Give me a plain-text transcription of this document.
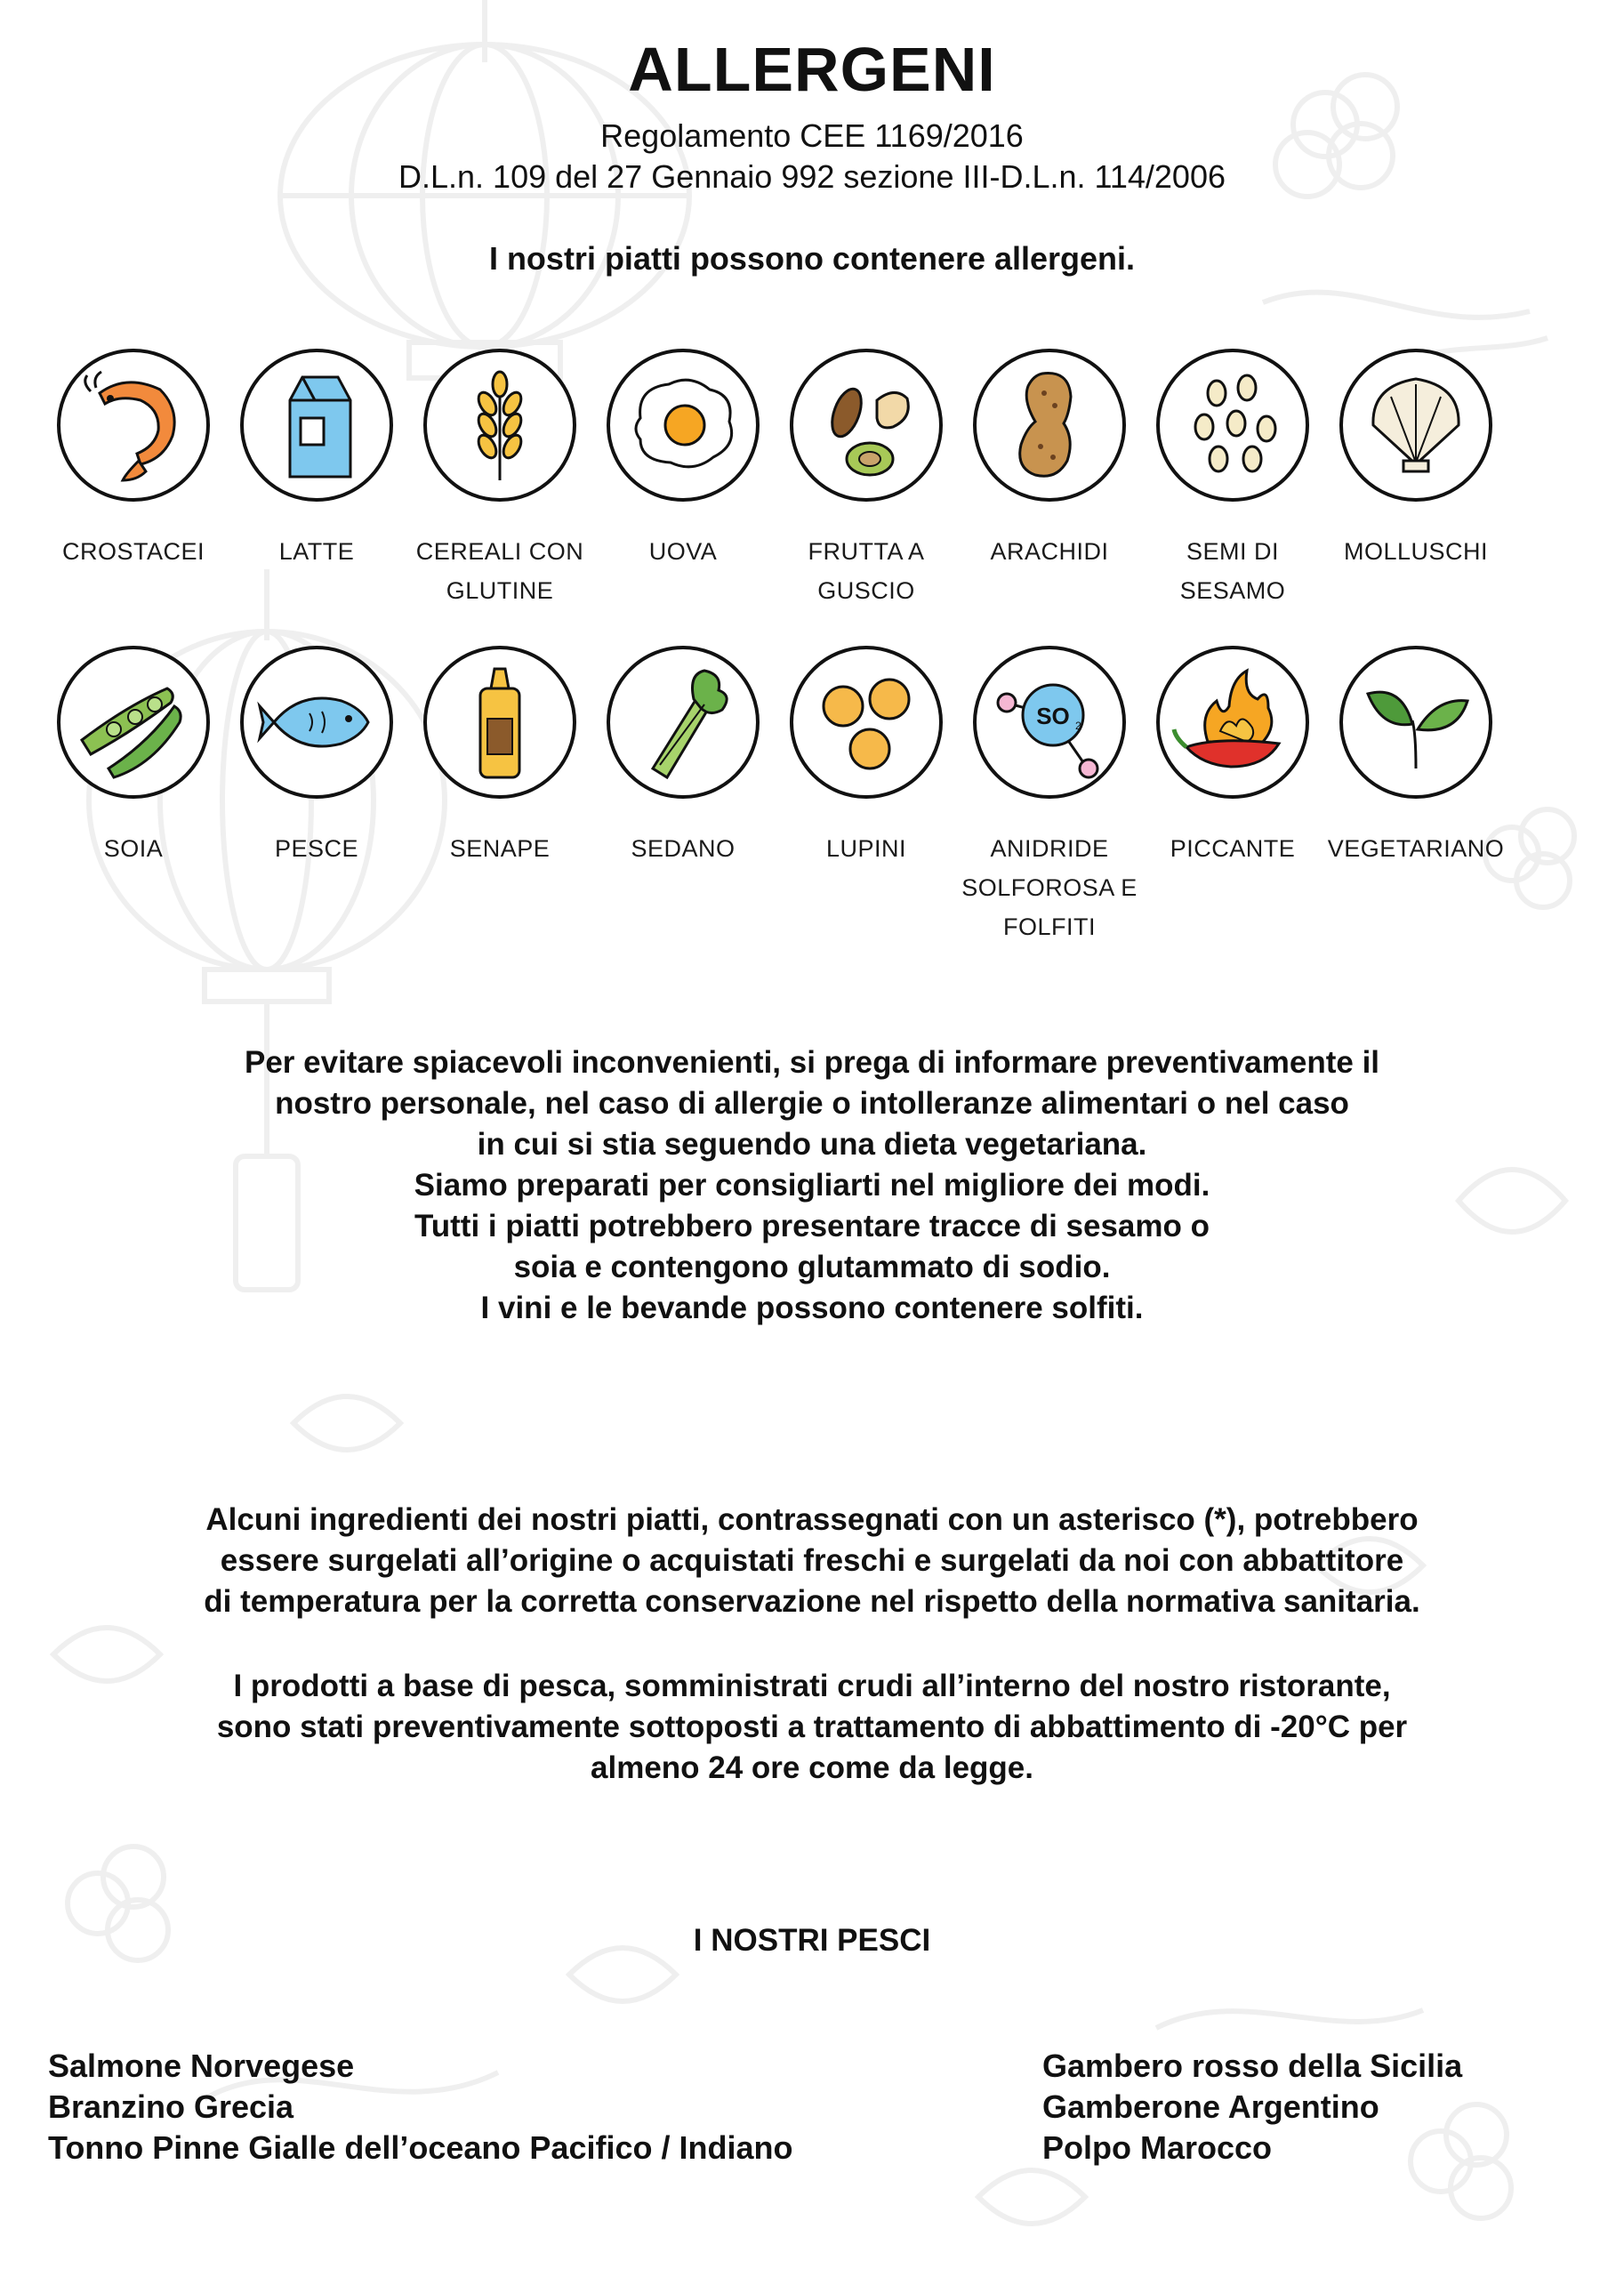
ALLERGENI
Regolamento CEE 1169/2016
D.L.n. 109 del 27 Gennaio 992 sezione III-D.L.n. 114/2006
I nostri piatti possono contenere allergeni.
CROSTACEI	LATTE	CEREALI CON GLUTINE
UOVA	FRUTTA A GUSCIO
ARACHIDI	SEMI DI SESAMO
MOLLUSCHI
SOIA	PESCE	SENAPE	SEDANO	LUPINI
SO 2
ANIDRIDE SOLFOROSA E FOLFITI
PICCANTE	VEGETARIANO

Per evitare spiacevoli inconvenienti, si prega di informare preventivamente il

nostro personale, nel caso di allergie o intolleranze alimentari o nel caso

in cui si stia seguendo una dieta vegetariana.

Siamo preparati per consigliarti nel migliore dei modi.

Tutti i piatti potrebbero presentare tracce di sesamo o

soia e contengono glutammato di sodio.

I vini e le bevande possono contenere solfiti.

Alcuni ingredienti dei nostri piatti, contrassegnati con un asterisco (*), potrebbero

essere surgelati all’origine o acquistati freschi e surgelati da noi con abbattitore

di temperatura per la corretta conservazione nel rispetto della normativa sanitaria.

I prodotti a base di pesca, somministrati crudi all’interno del nostro ristorante,

sono stati preventivamente sottoposti a trattamento di abbattimento di -20°C per

almeno 24 ore come da legge.

I NOSTRI PESCI
Salmone Norvegese
Branzino Grecia
Tonno Pinne Gialle dell’oceano Pacifico / Indiano
Gambero rosso della Sicilia
Gamberone Argentino
Polpo Marocco
